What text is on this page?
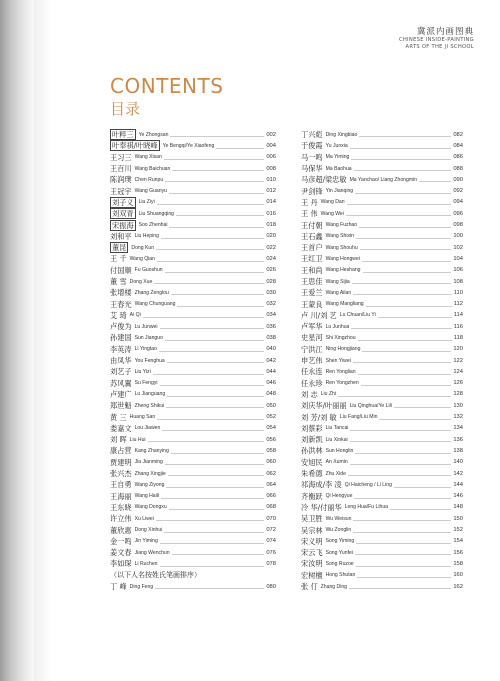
冀派内画图典
CHINESE INSIDE-PAINTING
ARTS OF THE JI SCHOOL
CONTENTS
目录
叶粹三 Ye Zhongsan	002
叶奉祺/叶晓峰 Ye Bengqi/Ye Xiaofeng	004
王习三 Wang Xisan	006
王百川 Wang Baichuan	008
陈润璞 Chen Runpu	010
王冠宇 Wang Guanyu	012
刘子义 Liu Ziyi	014
刘双青 Liu Shuangqing	016
宋振海 Soo Zhenhai	018
刘和平 Liu Heping	020
董昆 Dong Kun	022
王 千 Wang Qian	024
付国顺 Fu Guoshun	026
董 雪 Dong Xue	028
张增楼 Zhang Zenglou	030
王春光 Wang Chunguang	032
艾 琦 Ai Qi	034
卢俊为 Lu Junwei	036
孙建国 Sun Jianguo	038
李英涛 Li Yingtao	040
由凤华 You Fenghua	042
刘艺子 Liu Yizi	044
苏风翼 Su Fengyi	046
卢建广 Lu Jianguang	048
郑世魁 Zheng Shikui	050
黄 三 Huang San	052
娄嘉文 Lou Jiawen	054
刘 晖 Liu Hui	056
康占营 Kang Zhanying	058
贾建明 Jia Jianming	060
张兴杰 Zhang Xingjie	062
王自勇 Wang Ziyong	064
王海丽 Wang Haili	066
王东晓 Wang Dongxu	068
许立伟 Xu Liwei	070
董欣惠 Dong Xinhui	072
金一鸣 Jin Yiming	074
姜文春 Jiang Wenchun	076
李如琛 Li Ruchen	078
（以下人名按姓氏笔画排序）
丁 峰 Ding Feng	080
丁兴彪 Ding Xingbiao	082
于俊霞 Yu Junxia	084
马一鸣 Ma Yiming	086
马保华 Ma Baohua	088
马彦超/梁忠敏 Ma Yanchao/ Liang Zhongmin	090
尹剑锋 Yin Jianqing	092
王 丹 Wang Dan	094
王 伟 Wang Wei	096
王付朝 Wang Fuzhao	098
王石鑫 Wang Shixin	100
王首户 Wang Shouhu	102
王红卫 Wang Hongwei	104
王和尚 Wang Heshang	106
王思佳 Wang Sijia	108
王爱兰 Wang Ailan	110
王蒙良 Wang Mangliang	112
卢 川/刘 艺 Lu Chuan/Liu Yi	114
卢军华 Lu Junhua	116
史星河 Shi Xingzhou	118
宁洪江 Ning Hongjiang	120
申艺伟 Shen Yiwei	122
任永连 Ren Yonglian	124
任永珍 Ren Yongzhen	126
刘 志 Liu Zhi	128
刘庆华/叶丽丽 Liu Qinghua/Ye Lili	130
刘 芳/刘 敏 Liu Fang/Liu Min	132
刘蔡彩 Liu Tancai	134
刘新凯 Liu Xinkai	136
孙洪林 Sun Honglin	138
安旭民 An Xumin	140
朱希德 Zhu Xide	142
祁海成/李 凌 Qi Haicheng / Li Ling	144
齐衡跃 Qi Hengyue	146
冷 华/付丽华 Leng Hua/Fu Lihua	148
吴卫胜 Wu Weisun	150
吴宗林 Wu Zonglin	152
宋义明 Song Yiming	154
宋云飞 Song Yunfei	156
宋汝明 Song Ruzoe	158
宏树檀 Hong Shutan	160
张 仃 Zhang Ding	162
